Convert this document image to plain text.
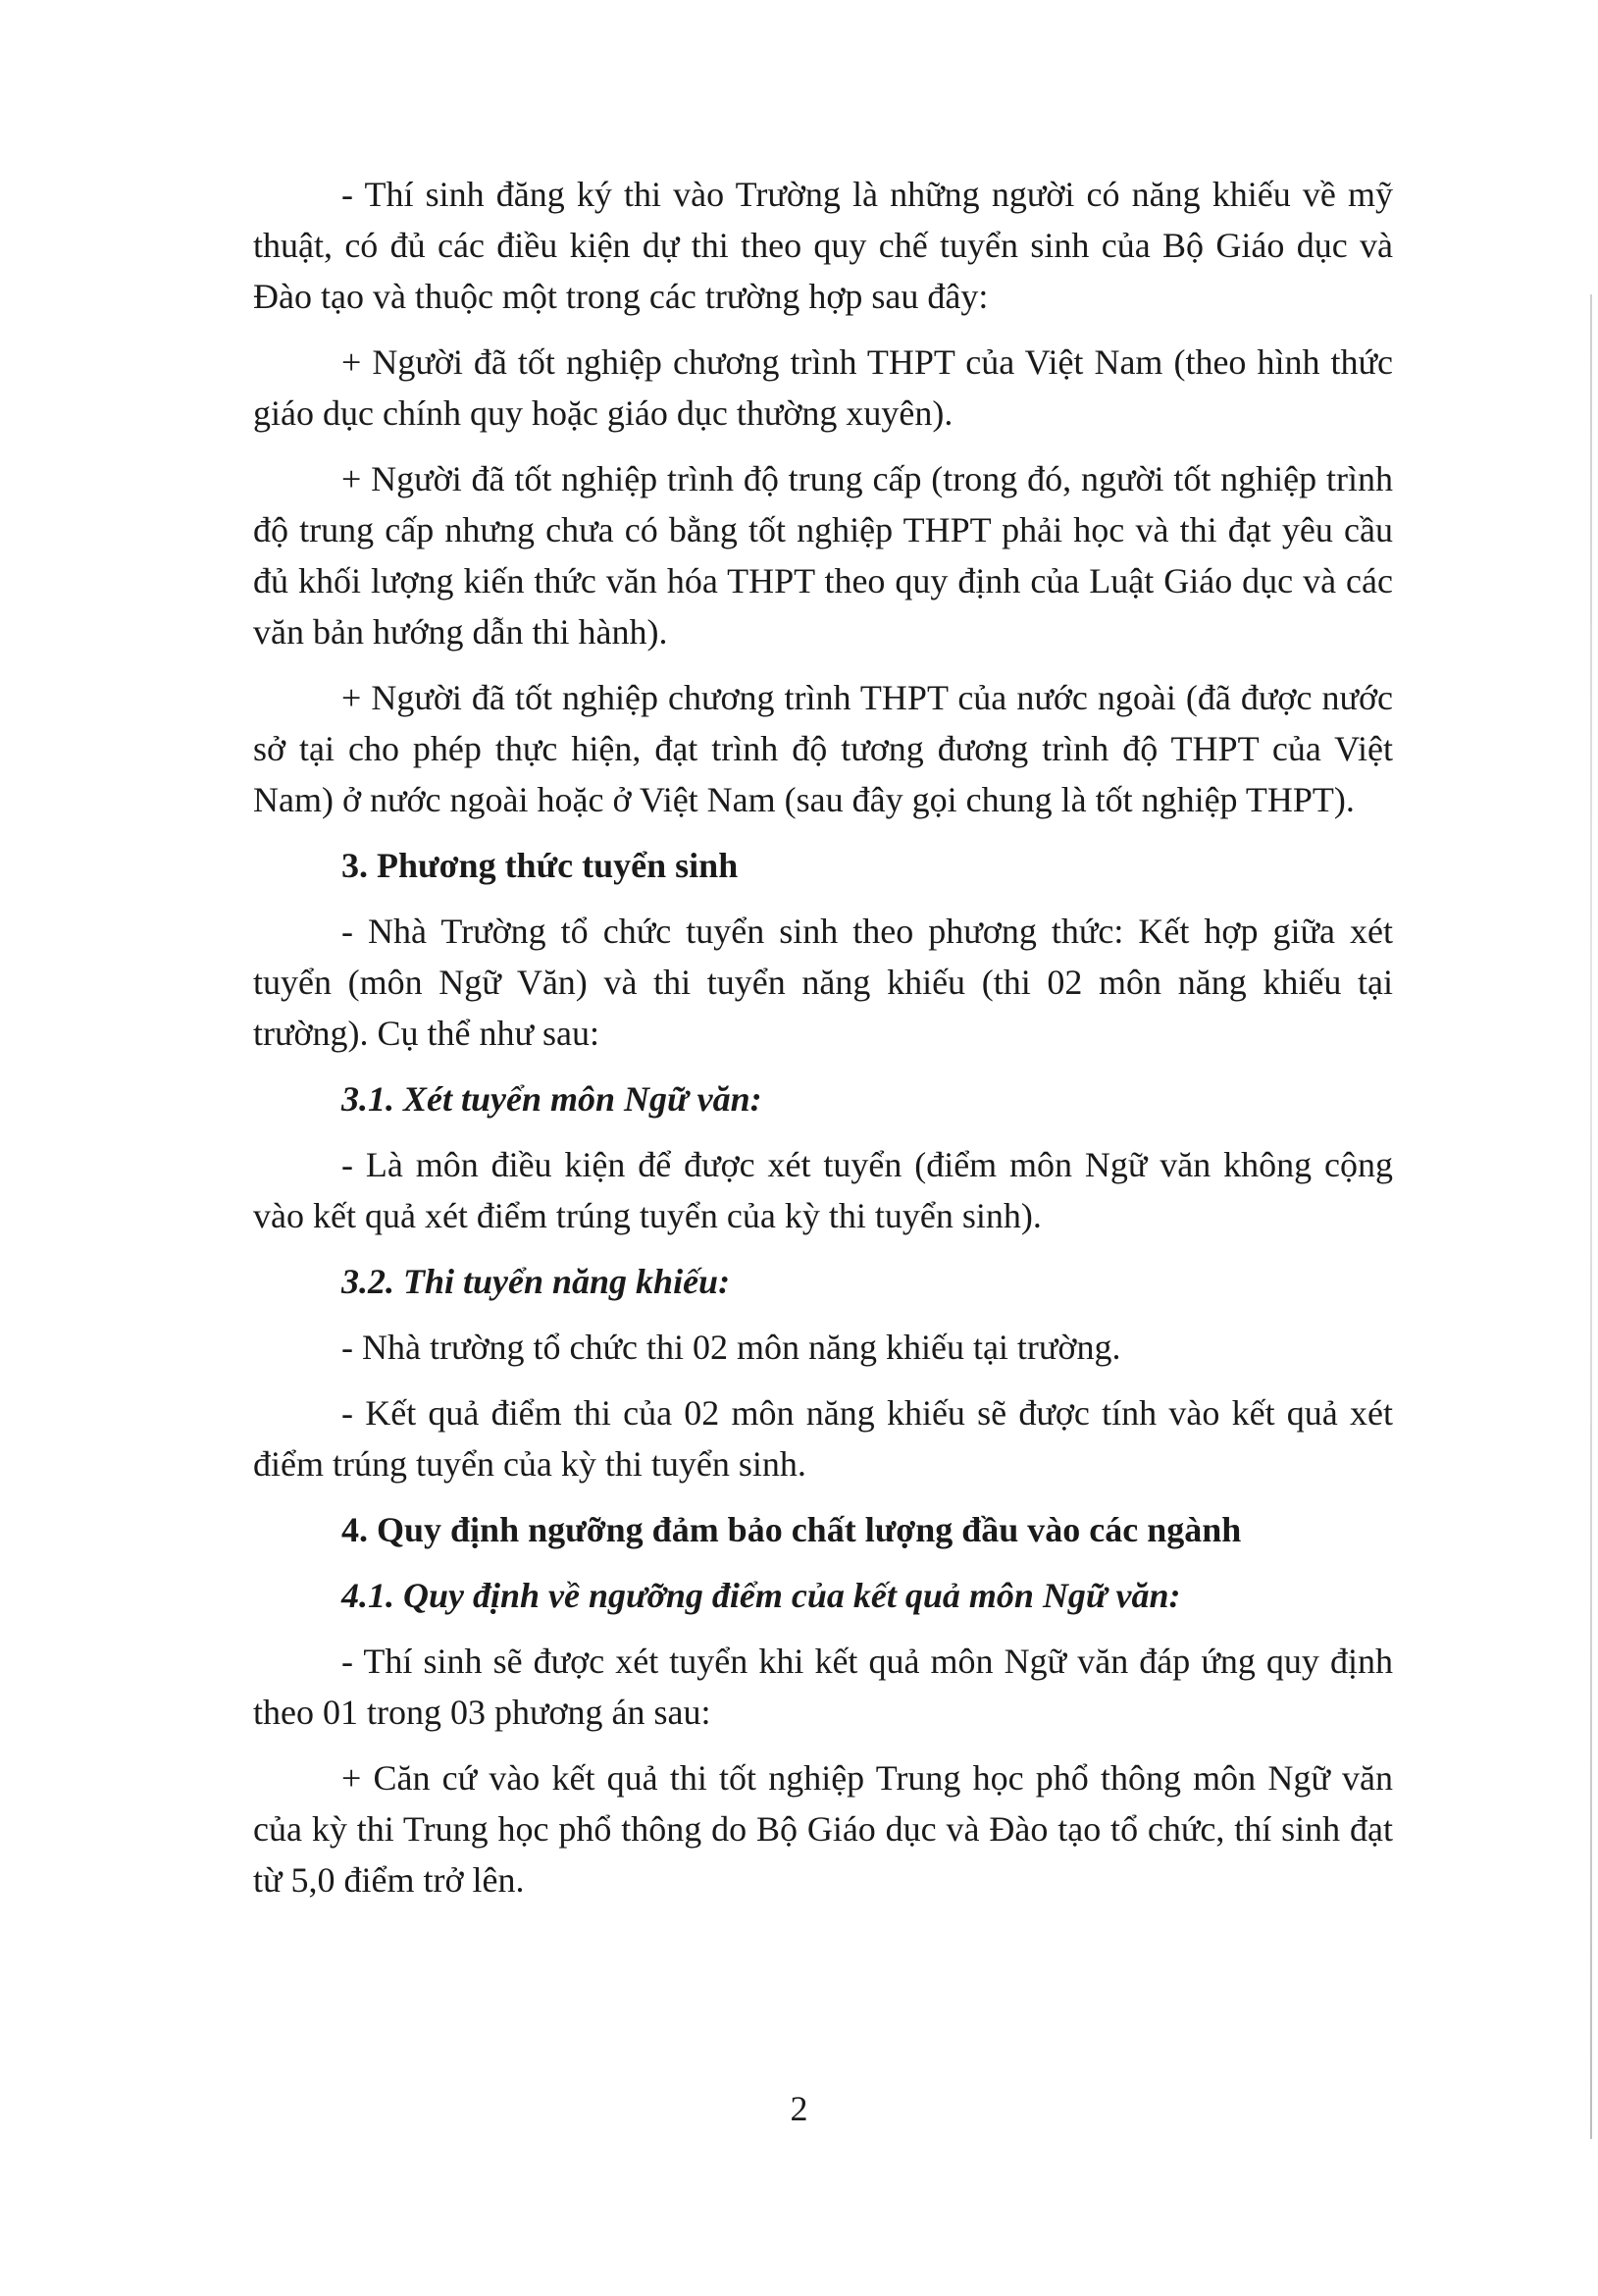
- Thí sinh đăng ký thi vào Trường là những người có năng khiếu về mỹ thuật, có đủ các điều kiện dự thi theo quy chế tuyển sinh của Bộ Giáo dục và Đào tạo và thuộc một trong các trường hợp sau đây:

+ Người đã tốt nghiệp chương trình THPT của Việt Nam (theo hình thức giáo dục chính quy hoặc giáo dục thường xuyên).

+ Người đã tốt nghiệp trình độ trung cấp (trong đó, người tốt nghiệp trình độ trung cấp nhưng chưa có bằng tốt nghiệp THPT phải học và thi đạt yêu cầu đủ khối lượng kiến thức văn hóa THPT theo quy định của Luật Giáo dục và các văn bản hướng dẫn thi hành).

+ Người đã tốt nghiệp chương trình THPT của nước ngoài (đã được nước sở tại cho phép thực hiện, đạt trình độ tương đương trình độ THPT của Việt Nam) ở nước ngoài hoặc ở Việt Nam (sau đây gọi chung là tốt nghiệp THPT).

3. Phương thức tuyển sinh

- Nhà Trường tổ chức tuyển sinh theo phương thức: Kết hợp giữa xét tuyển (môn Ngữ Văn) và thi tuyển năng khiếu (thi 02 môn năng khiếu tại trường). Cụ thể như sau:

3.1. Xét tuyển môn Ngữ văn:

- Là môn điều kiện để được xét tuyển (điểm môn Ngữ văn không cộng vào kết quả xét điểm trúng tuyển của kỳ thi tuyển sinh).

3.2. Thi tuyển năng khiếu:

- Nhà trường tổ chức thi 02 môn năng khiếu tại trường.

- Kết quả điểm thi của 02 môn năng khiếu sẽ được tính vào kết quả xét điểm trúng tuyển của kỳ thi tuyển sinh.

4. Quy định ngưỡng đảm bảo chất lượng đầu vào các ngành

4.1. Quy định về ngưỡng điểm của kết quả môn Ngữ văn:

- Thí sinh sẽ được xét tuyển khi kết quả môn Ngữ văn đáp ứng quy định theo 01 trong 03 phương án sau:

+ Căn cứ vào kết quả thi tốt nghiệp Trung học phổ thông môn Ngữ văn của kỳ thi Trung học phổ thông do Bộ Giáo dục và Đào tạo tổ chức, thí sinh đạt từ 5,0 điểm trở lên.

2
